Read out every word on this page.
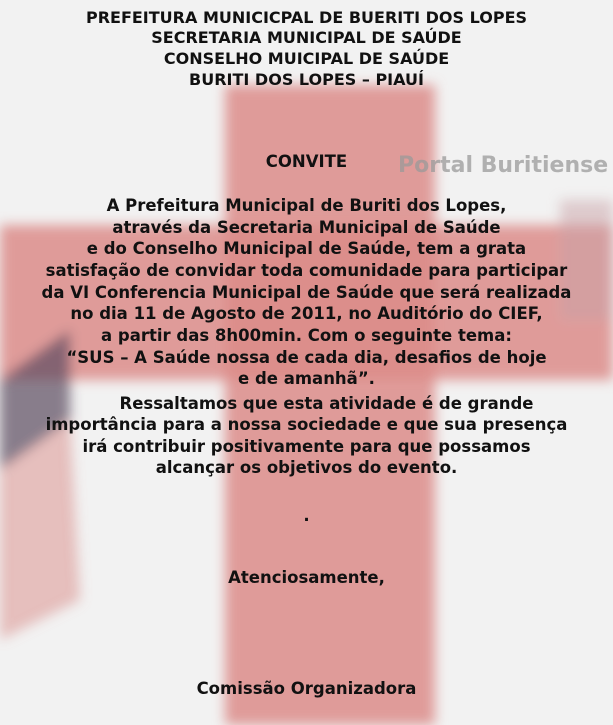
Portal Buritiense
PREFEITURA MUNICICPAL DE BUERITI DOS LOPES
SECRETARIA MUNICIPAL DE SAÚDE
CONSELHO MUICIPAL DE SAÚDE
BURITI DOS LOPES – PIAUÍ
CONVITE
A Prefeitura Municipal de Buriti dos Lopes,
através da Secretaria Municipal de Saúde
e do Conselho Municipal de Saúde, tem a grata
satisfação de convidar toda comunidade para participar
da VI Conferencia Municipal de Saúde que será realizada
no dia 11 de Agosto de 2011, no Auditório do CIEF,
a partir das 8h00min. Com o seguinte tema:
“SUS – A Saúde nossa de cada dia, desafios de hoje
e de amanhã”.
Ressaltamos que esta atividade é de grande
importância para a nossa sociedade e que sua presença
irá contribuir positivamente para que possamos
alcançar os objetivos do evento.
.
Atenciosamente,
Comissão Organizadora
